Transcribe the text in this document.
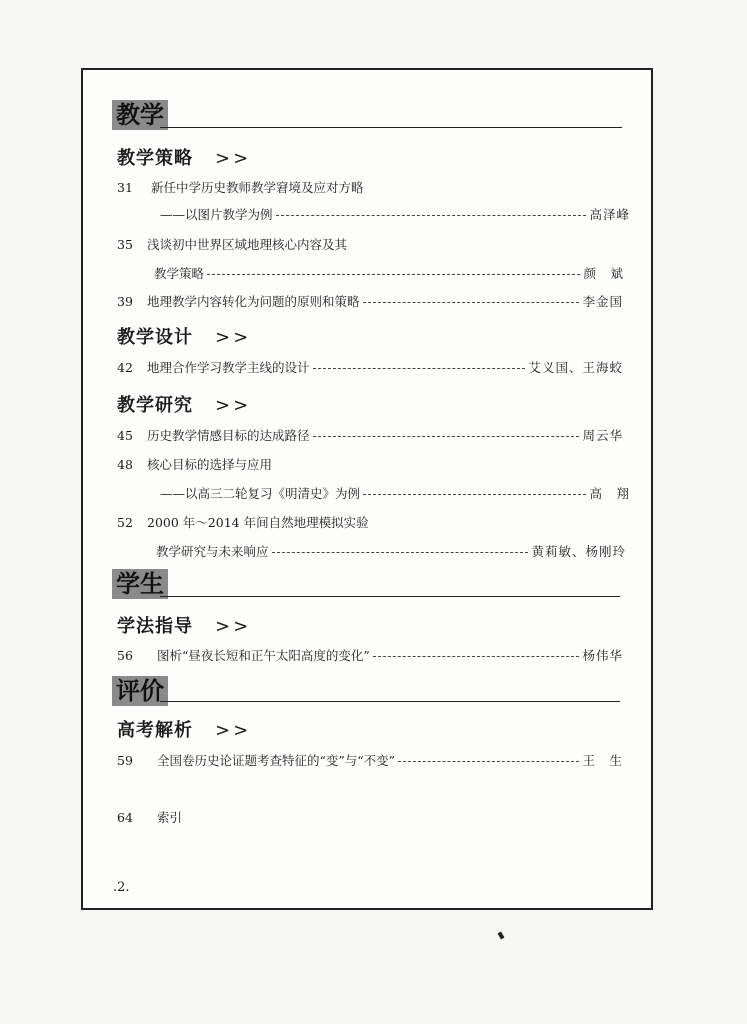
教学
教学策略 >>
31	新任中学历史教师教学窘境及应对方略
——以图片教学为例	高泽峰
35	浅谈初中世界区域地理核心内容及其
教学策略	颜　斌
39	地理教学内容转化为问题的原则和策略	李金国
教学设计 >>
42	地理合作学习教学主线的设计	艾义国、王海蛟
教学研究 >>
45	历史教学情感目标的达成路径	周云华
48	核心目标的选择与应用
——以高三二轮复习《明清史》为例	高　翔
52	2000 年～2014 年间自然地理模拟实验
教学研究与未来响应	黄莉敏、杨刚玲
学生
学法指导 >>
56	图析“昼夜长短和正午太阳高度的变化”	杨伟华
评价
高考解析 >>
59	全国卷历史论证题考查特征的“变”与“不变”	王　生
64	索引
.2.
